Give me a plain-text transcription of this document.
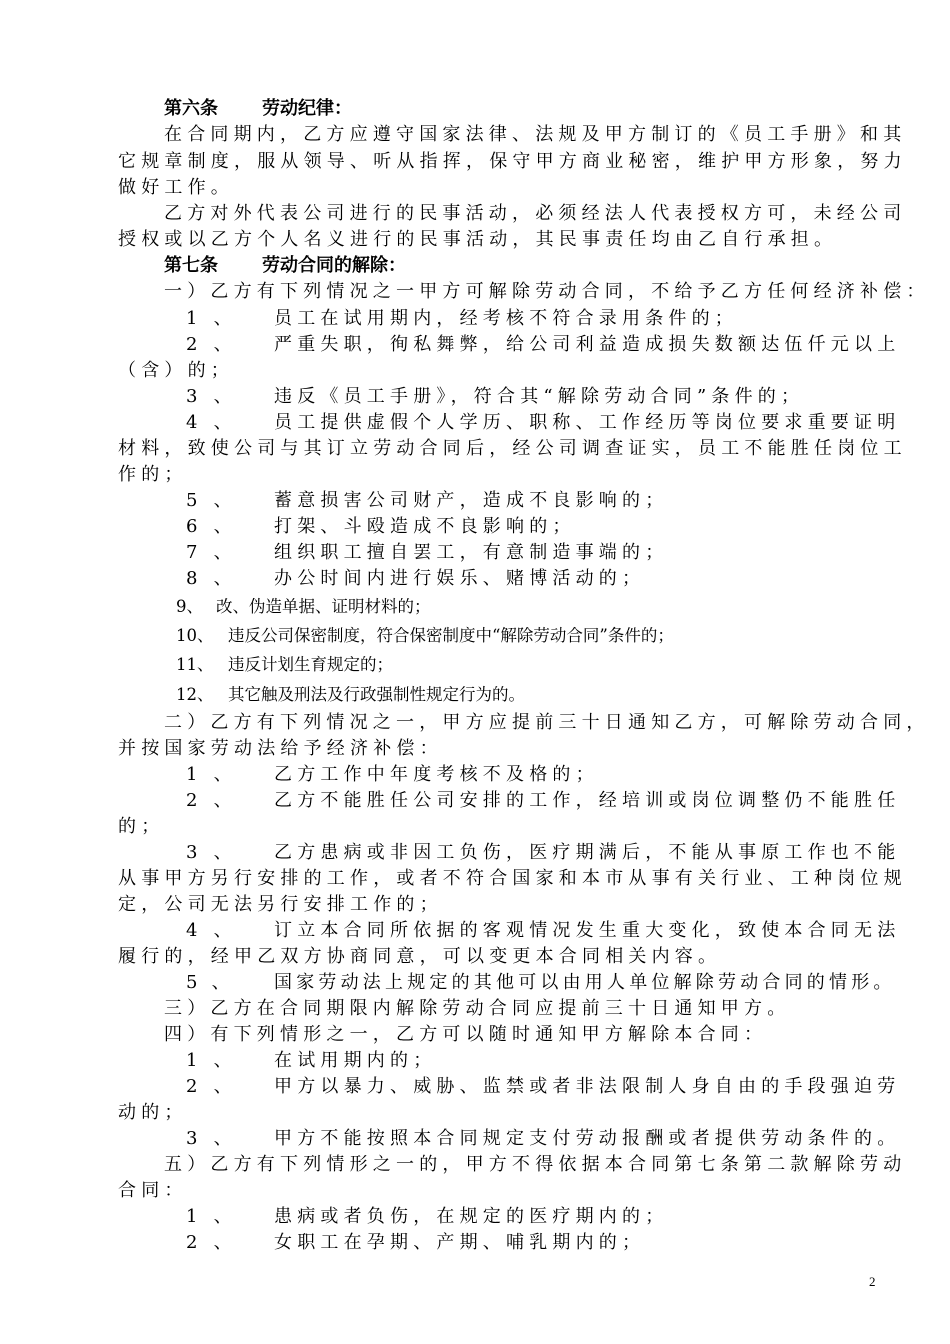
第六条 劳动纪律：
在合同期内，乙方应遵守国家法律、法规及甲方制订的《员工手册》和其
它规章制度，服从领导、听从指挥，保守甲方商业秘密，维护甲方形象，努力
做好工作。
乙方对外代表公司进行的民事活动，必须经法人代表授权方可，未经公司
授权或以乙方个人名义进行的民事活动，其民事责任均由乙自行承担。
第七条 劳动合同的解除：
一）乙方有下列情况之一甲方可解除劳动合同，不给予乙方任何经济补偿：
1 、 员工在试用期内，经考核不符合录用条件的；
2 、 严重失职，徇私舞弊，给公司利益造成损失数额达伍仟元以上
（含）的；
3 、 违反《员工手册》，符合其“解除劳动合同”条件的；
4 、 员工提供虚假个人学历、职称、工作经历等岗位要求重要证明
材料，致使公司与其订立劳动合同后，经公司调查证实，员工不能胜任岗位工
作的；
5 、 蓄意损害公司财产，造成不良影响的；
6 、 打架、斗殴造成不良影响的；
7 、 组织职工擅自罢工，有意制造事端的；
8 、 办公时间内进行娱乐、赌博活动的；
9、 改、伪造单据、证明材料的；
10、 违反公司保密制度，符合保密制度中“解除劳动合同”条件的；
11、 违反计划生育规定的；
12、 其它触及刑法及行政强制性规定行为的。
二）乙方有下列情况之一，甲方应提前三十日通知乙方，可解除劳动合同，
并按国家劳动法给予经济补偿：
1 、 乙方工作中年度考核不及格的；
2 、 乙方不能胜任公司安排的工作，经培训或岗位调整仍不能胜任
的；
3 、 乙方患病或非因工负伤，医疗期满后，不能从事原工作也不能
从事甲方另行安排的工作，或者不符合国家和本市从事有关行业、工种岗位规
定，公司无法另行安排工作的；
4 、 订立本合同所依据的客观情况发生重大变化，致使本合同无法
履行的，经甲乙双方协商同意，可以变更本合同相关内容。
5 、 国家劳动法上规定的其他可以由用人单位解除劳动合同的情形。
三）乙方在合同期限内解除劳动合同应提前三十日通知甲方。
四）有下列情形之一，乙方可以随时通知甲方解除本合同：
1 、 在试用期内的；
2 、 甲方以暴力、威胁、监禁或者非法限制人身自由的手段强迫劳
动的；
3 、 甲方不能按照本合同规定支付劳动报酬或者提供劳动条件的。
五）乙方有下列情形之一的，甲方不得依据本合同第七条第二款解除劳动
合同：
1 、 患病或者负伤，在规定的医疗期内的；
2 、 女职工在孕期、产期、哺乳期内的；
2
